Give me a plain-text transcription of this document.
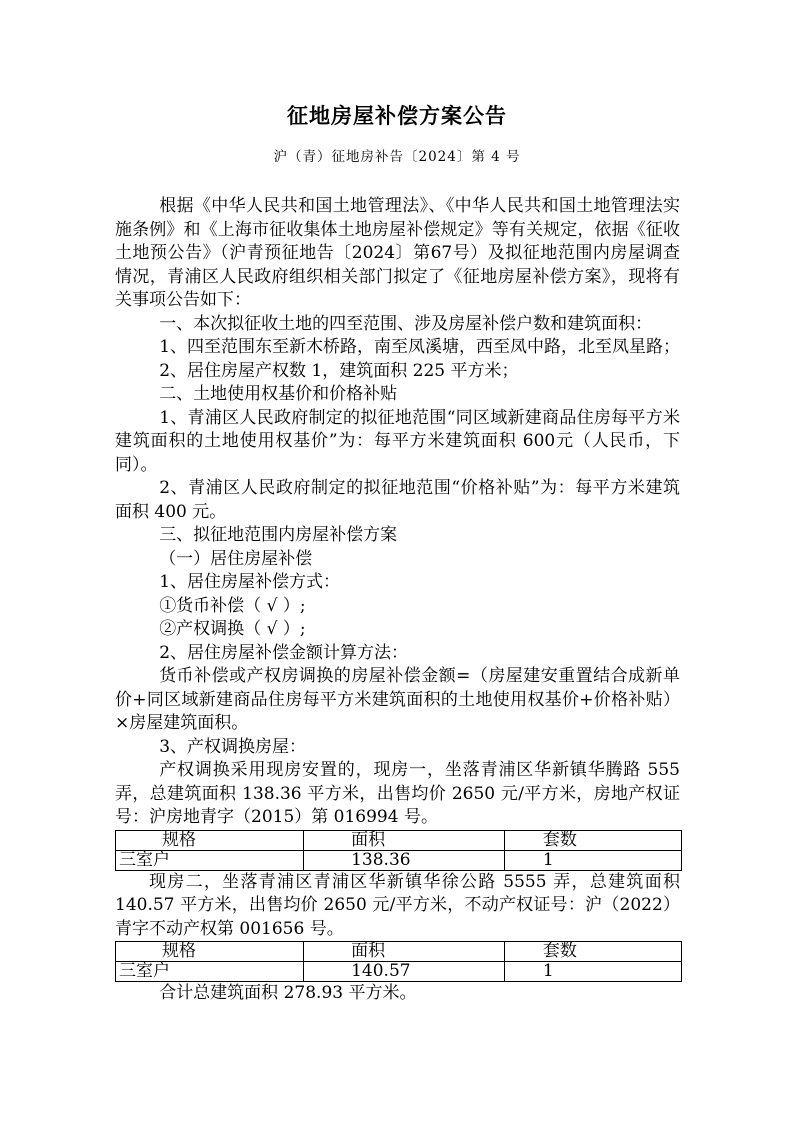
征地房屋补偿方案公告
沪（青）征地房补告〔2024〕第 4 号

根据《中华人民共和国土地管理法》、《中华人民共和国土地管理法实施条例》和《上海市征收集体土地房屋补偿规定》等有关规定，依据《征收土地预公告》（沪青预征地告〔2024〕第67号）及拟征地范围内房屋调查情况，青浦区人民政府组织相关部门拟定了《征地房屋补偿方案》，现将有关事项公告如下：

一、本次拟征收土地的四至范围、涉及房屋补偿户数和建筑面积：

1、四至范围东至新木桥路，南至凤溪塘，西至凤中路，北至凤星路；

2、居住房屋产权数 1，建筑面积 225 平方米；

二、土地使用权基价和价格补贴

1、青浦区人民政府制定的拟征地范围“同区域新建商品住房每平方米建筑面积的土地使用权基价”为：每平方米建筑面积 600元（人民币，下同）。

2、青浦区人民政府制定的拟征地范围“价格补贴”为：每平方米建筑面积 400 元。

三、拟征地范围内房屋补偿方案

（一）居住房屋补偿

1、居住房屋补偿方式：

①货币补偿（ √ ）;

②产权调换（ √ ）;

2、居住房屋补偿金额计算方法：

货币补偿或产权房调换的房屋补偿金额=（房屋建安重置结合成新单价+同区域新建商品住房每平方米建筑面积的土地使用权基价+价格补贴）×房屋建筑面积。

3、产权调换房屋：

产权调换采用现房安置的，现房一，坐落青浦区华新镇华腾路 555 弄，总建筑面积 138.36 平方米，出售均价 2650 元/平方米，房地产权证号：沪房地青字（2015）第 016994 号。

规格	面积	套数
三室户	138.36	1

现房二，坐落青浦区青浦区华新镇华徐公路 5555 弄，总建筑面积 140.57 平方米，出售均价 2650 元/平方米，不动产权证号：沪（2022）青字不动产权第 001656 号。

规格	面积	套数
三室户	140.57	1

合计总建筑面积 278.93 平方米。
